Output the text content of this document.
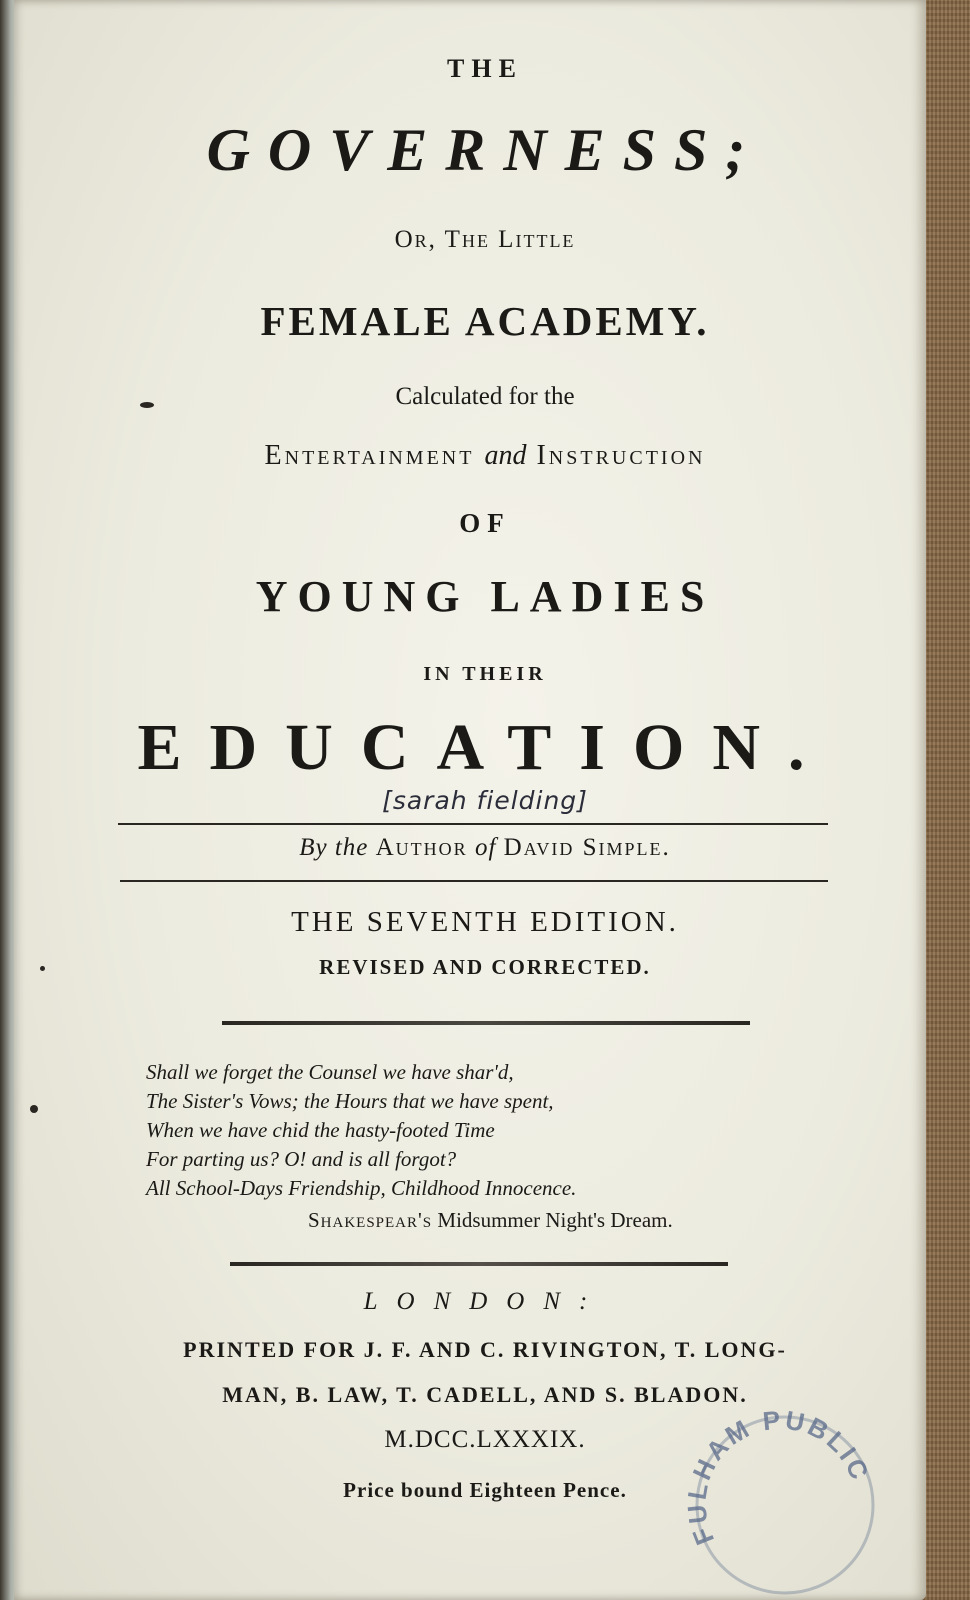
THE
GOVERNESS;
Or, The Little
FEMALE ACADEMY.
Calculated for the
Entertainment and Instruction
OF
YOUNG LADIES
IN THEIR
EDUCATION.
[sarah fielding]
By the Author of David Simple.
THE SEVENTH EDITION.
REVISED AND CORRECTED.
Shall we forget the Counsel we have shar'd,
The Sister's Vows; the Hours that we have spent,
When we have chid the hasty-footed Time
For parting us? O! and is all forgot?
All School-Days Friendship, Childhood Innocence.
Shakespear's Midsummer Night's Dream.
LONDON:
PRINTED FOR J. F. AND C. RIVINGTON, T. LONG-
MAN, B. LAW, T. CADELL, AND S. BLADON.
M.DCC.LXXXIX.
Price bound Eighteen Pence.
FULHAM PUBLIC
